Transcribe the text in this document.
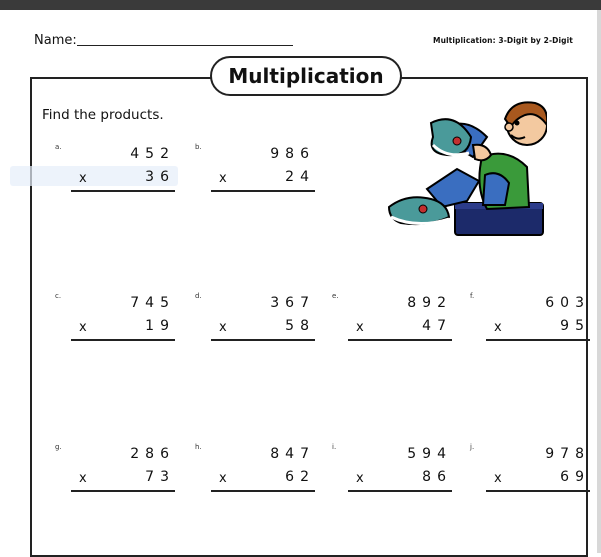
Name:	Multiplication: 3-Digit by 2-Digit
Multiplication
Find the products.
a.	452
x	36
b.	986
x	24
c.	745
x	19
d.	367
x	58
e.	892
x	47
f.	603
x	95
g.	286
x	73
h.	847
x	62
i.	594
x	86
j.	978
x	69
